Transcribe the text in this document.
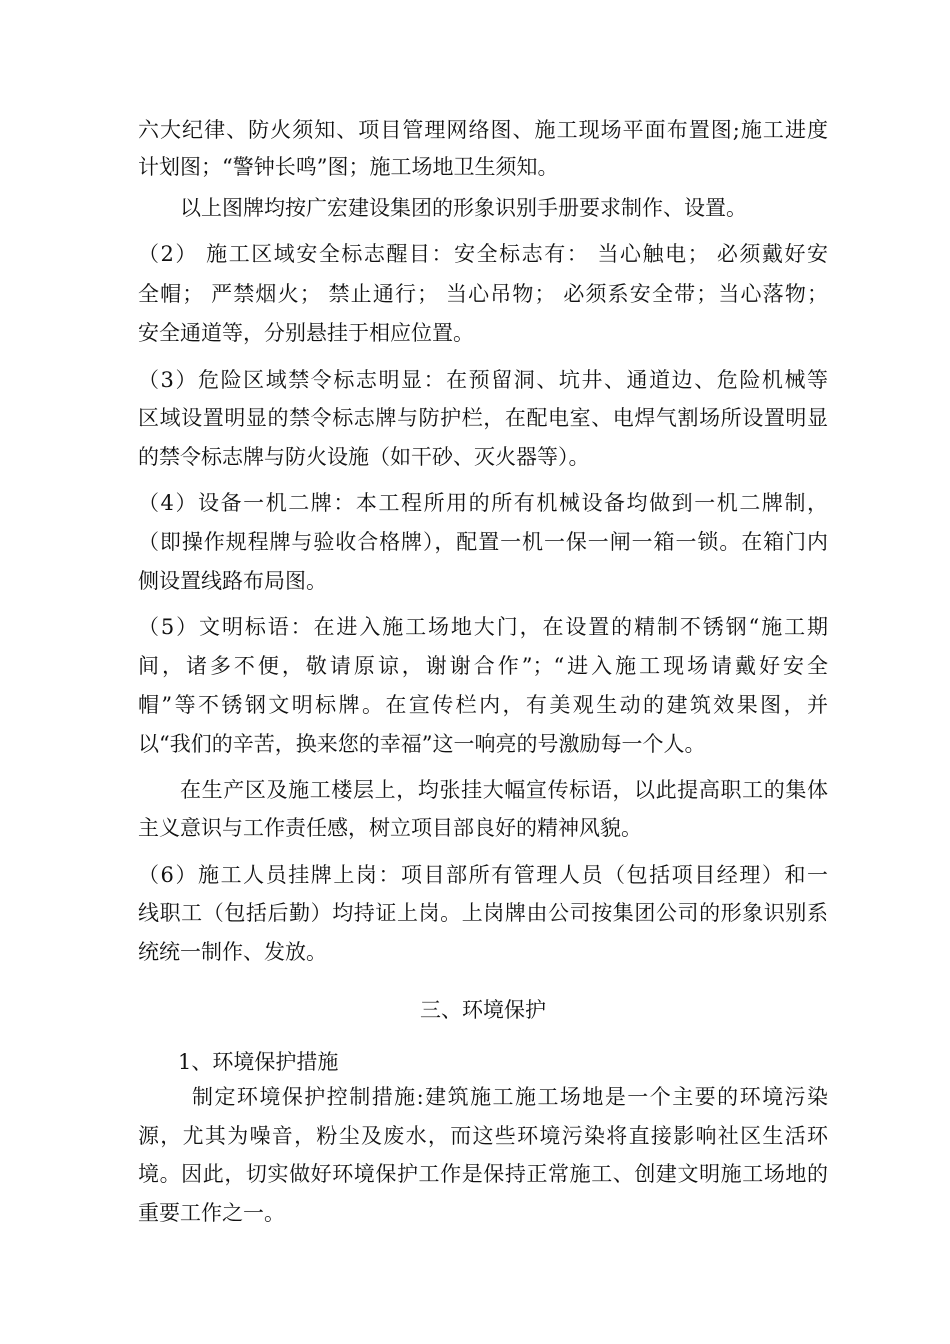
六大纪律、防火须知、项目管理网络图、施工现场平面布置图;施工进度
计划图；“警钟长鸣”图；施工场地卫生须知。
以上图牌均按广宏建设集团的形象识别手册要求制作、设置。
（2） 施工区域安全标志醒目：安全标志有： 当心触电； 必须戴好安
全帽； 严禁烟火； 禁止通行； 当心吊物； 必须系安全带；当心落物；
安全通道等，分别悬挂于相应位置。
（3）危险区域禁令标志明显：在预留洞、坑井、通道边、危险机械等
区域设置明显的禁令标志牌与防护栏，在配电室、电焊气割场所设置明显
的禁令标志牌与防火设施（如干砂、灭火器等）。
（4）设备一机二牌：本工程所用的所有机械设备均做到一机二牌制，
（即操作规程牌与验收合格牌），配置一机一保一闸一箱一锁。在箱门内
侧设置线路布局图。
（5）文明标语：在进入施工场地大门，在设置的精制不锈钢“施工期
间，诸多不便，敬请原谅，谢谢合作”；“进入施工现场请戴好安全
帽”等不锈钢文明标牌。在宣传栏内，有美观生动的建筑效果图，并
以“我们的辛苦，换来您的幸福”这一响亮的号激励每一个人。
在生产区及施工楼层上，均张挂大幅宣传标语，以此提高职工的集体
主义意识与工作责任感，树立项目部良好的精神风貌。
（6）施工人员挂牌上岗：项目部所有管理人员（包括项目经理）和一
线职工（包括后勤）均持证上岗。上岗牌由公司按集团公司的形象识别系
统统一制作、发放。
三、环境保护
1、环境保护措施
制定环境保护控制措施:建筑施工施工场地是一个主要的环境污染
源，尤其为噪音，粉尘及废水，而这些环境污染将直接影响社区生活环
境。因此，切实做好环境保护工作是保持正常施工、创建文明施工场地的
重要工作之一。
